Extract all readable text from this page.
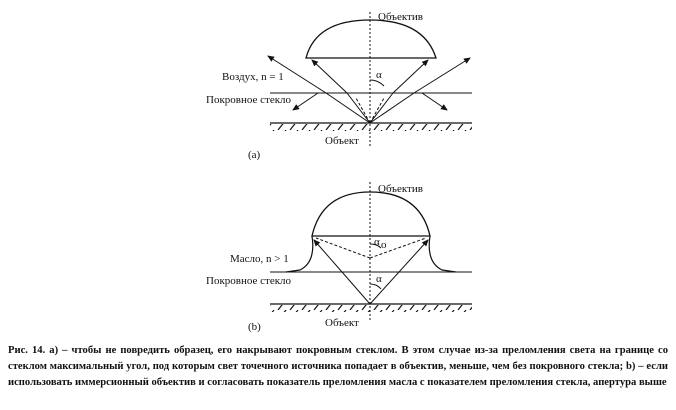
Объектив
Воздух, n = 1
Покровное стекло
α
Объект
(a)
Объектив
Масло, n > 1
Покровное стекло
α o
α
Объект
(b)

Рис. 14. а) – чтобы не повредить образец, его накрывают покровным стеклом. В этом случае из-за преломления света на границе со стеклом максимальный угол, под которым свет точечного источника попадает в объектив, меньше, чем без покровного стекла; b) – если использовать иммерсионный объектив и согласовать показатель преломления масла с показателем преломления стекла, апертура выше
